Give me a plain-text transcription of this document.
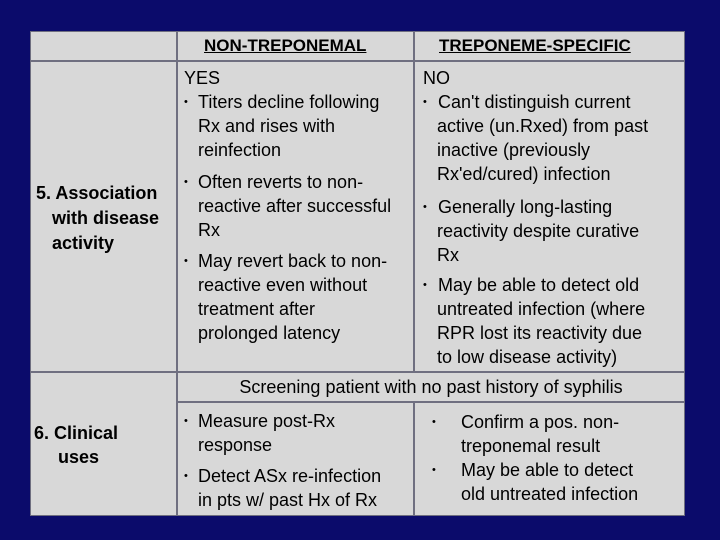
NON-TREPONEMAL	TREPONEME-SPECIFIC
5. Association
with disease
activity
YES
• Titers decline following
Rx and rises with
reinfection
• Often reverts to non-
reactive after successful
Rx
• May revert back to non-
reactive even without
treatment after
prolonged latency
NO
• Can't distinguish current
active (un.Rxed) from past
inactive (previously
Rx'ed/cured) infection
• Generally long-lasting
reactivity despite curative
Rx
• May be able to detect old
untreated infection (where
RPR lost its reactivity due
to low disease activity)
6. Clinical
uses
Screening patient with no past history of syphilis
• Measure post-Rx
response
• Detect ASx re-infection
in pts w/ past Hx of Rx
• Confirm a pos. non-
treponemal result
• May be able to detect
old untreated infection
